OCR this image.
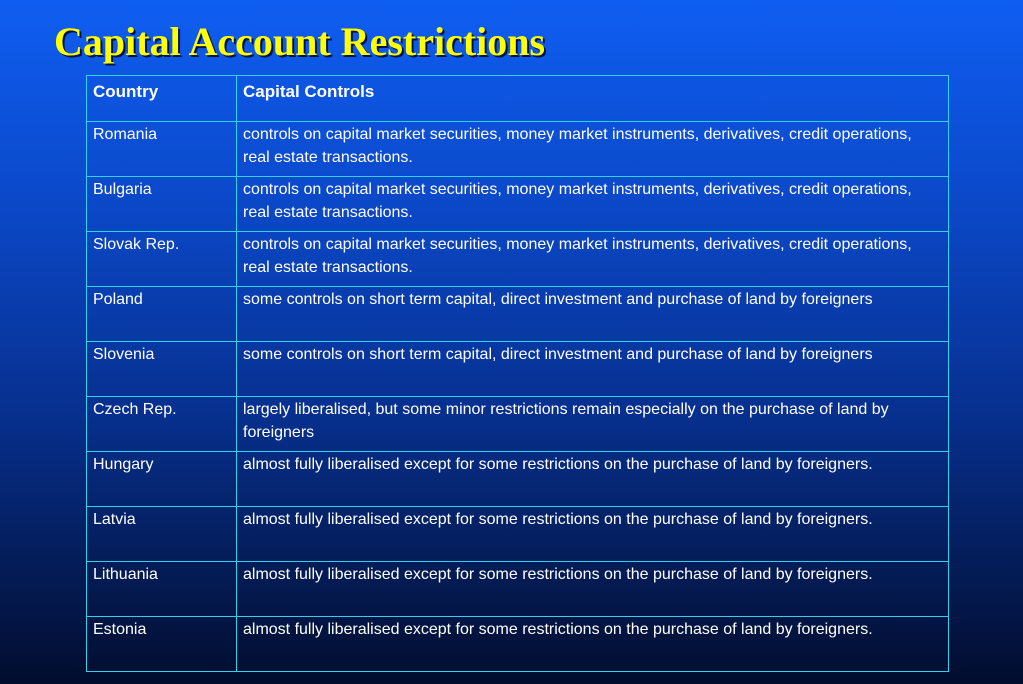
Capital Account Restrictions
Country	Capital Controls
Romania	controls on capital market securities, money market instruments, derivatives, credit operations, real estate transactions.
Bulgaria	controls on capital market securities, money market instruments, derivatives, credit operations, real estate transactions.
Slovak Rep.	controls on capital market securities, money market instruments, derivatives, credit operations, real estate transactions.
Poland	some controls on short term capital, direct investment and purchase of land by foreigners
Slovenia	some controls on short term capital, direct investment and purchase of land by foreigners
Czech Rep.	largely liberalised, but some minor restrictions remain especially on the purchase of land by foreigners
Hungary	almost fully liberalised except for some restrictions on the purchase of land by foreigners.
Latvia	almost fully liberalised except for some restrictions on the purchase of land by foreigners.
Lithuania	almost fully liberalised except for some restrictions on the purchase of land by foreigners.
Estonia	almost fully liberalised except for some restrictions on the purchase of land by foreigners.
